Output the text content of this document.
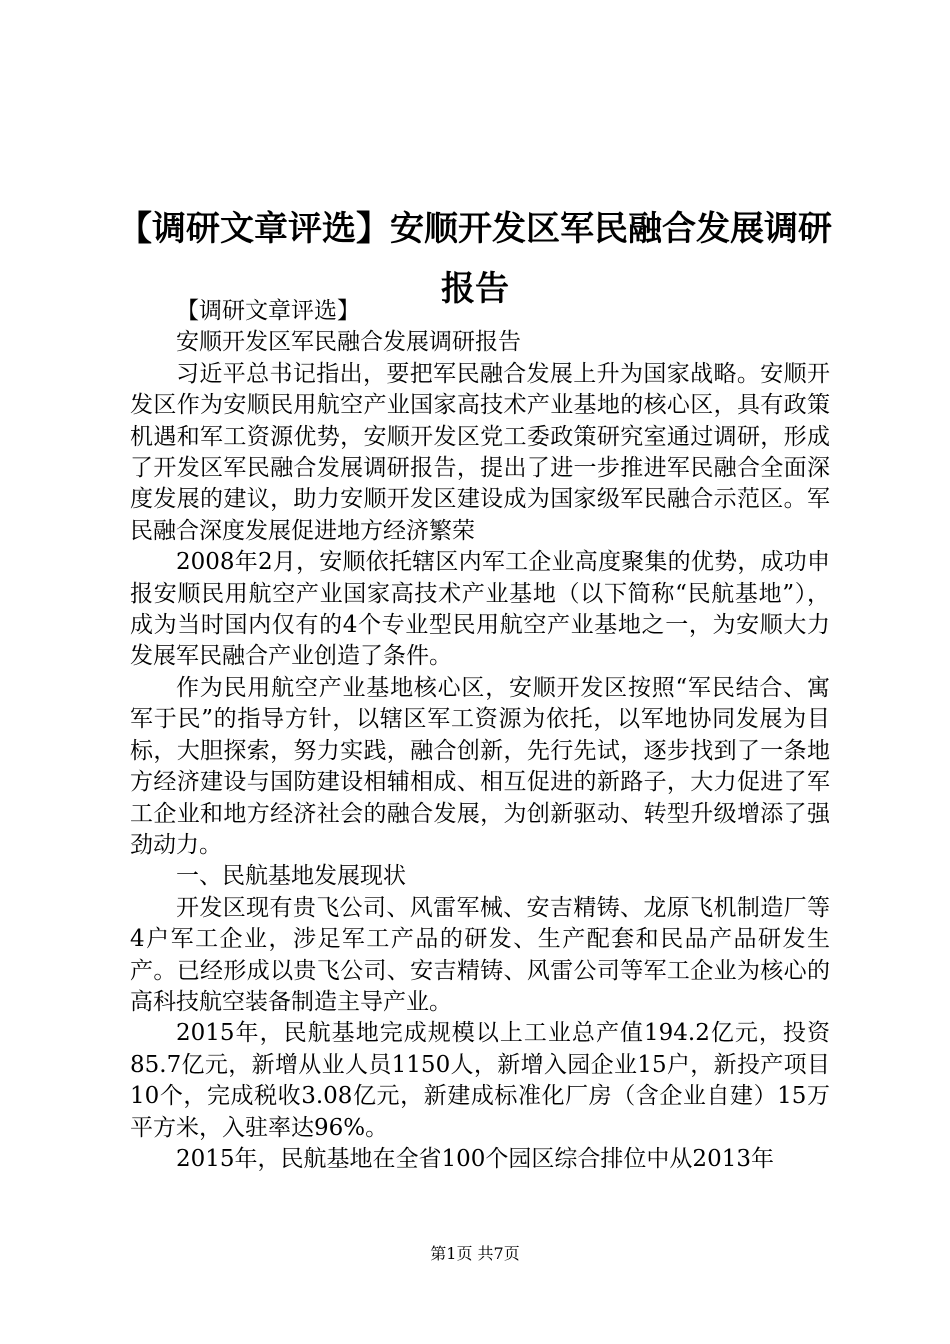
【调研文章评选】安顺开发区军民融合发展调研报告

【调研文章评选】

安顺开发区军民融合发展调研报告

习近平总书记指出，要把军民融合发展上升为国家战略。安顺开发区作为安顺民用航空产业国家高技术产业基地的核心区，具有政策机遇和军工资源优势，安顺开发区党工委政策研究室通过调研，形成了开发区军民融合发展调研报告，提出了进一步推进军民融合全面深度发展的建议，助力安顺开发区建设成为国家级军民融合示范区。军民融合深度发展促进地方经济繁荣

2008年2月，安顺依托辖区内军工企业高度聚集的优势，成功申报安顺民用航空产业国家高技术产业基地（以下简称“民航基地”），成为当时国内仅有的4个专业型民用航空产业基地之一，为安顺大力发展军民融合产业创造了条件。

作为民用航空产业基地核心区，安顺开发区按照“军民结合、寓军于民”的指导方针，以辖区军工资源为依托，以军地协同发展为目标，大胆探索，努力实践，融合创新，先行先试，逐步找到了一条地方经济建设与国防建设相辅相成、相互促进的新路子，大力促进了军工企业和地方经济社会的融合发展，为创新驱动、转型升级增添了强劲动力。

一、民航基地发展现状

开发区现有贵飞公司、风雷军械、安吉精铸、龙原飞机制造厂等4户军工企业，涉足军工产品的研发、生产配套和民品产品研发生产。已经形成以贵飞公司、安吉精铸、风雷公司等军工企业为核心的高科技航空装备制造主导产业。

2015年，民航基地完成规模以上工业总产值194.2亿元，投资85.7亿元，新增从业人员1150人，新增入园企业15户，新投产项目10个，完成税收3.08亿元，新建成标准化厂房（含企业自建）15万平方米，入驻率达96%。

2015年，民航基地在全省100个园区综合排位中从2013年

第1页 共7页
